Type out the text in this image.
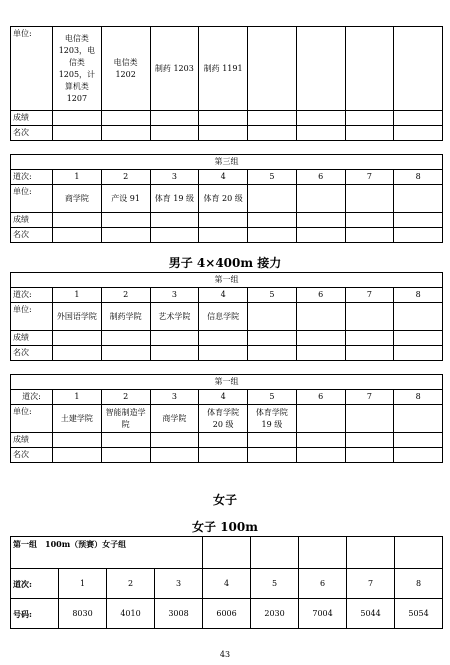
单位:	电信类1203，电信类1205，计算机类1207	电信类1202	制药 1203	制药 1191				
成绩								
名次								
第三组								
道次:	1	2	3	4	5	6	7	8
单位:	商学院	产设 91	体育 19 级	体育 20 级				
成绩								
名次								
男子 4×400m 接力
第一组								
道次:	1	2	3	4	5	6	7	8
单位:	外国语学院	制药学院	艺术学院	信息学院				
成绩								
名次								
第一组								
道次:	1	2	3	4	5	6	7	8
单位:	土建学院	智能制造学院	商学院	体育学院 20 级	体育学院 19 级			
成绩								
名次								
女子
女子 100m
第一组　100m（预赛）女子组								
道次:	1	2	3	4	5	6	7	8
号码:	8030	4010	3008	6006	2030	7004	5044	5054
43
